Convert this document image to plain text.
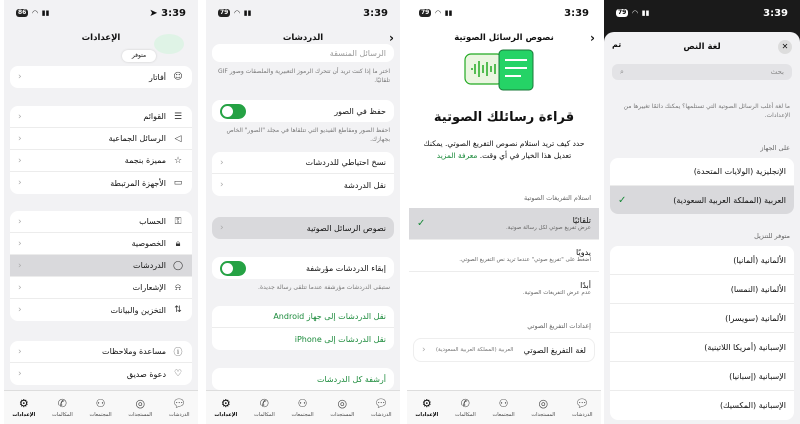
86 ◠ ▮▮	➤ 3:39
الإعدادات
متوفر
☺
أفاتار
›
☰
القوائم
›
◁
الرسائل الجماعية
›
☆
مميزة بنجمة
›
▭
الأجهزة المرتبطة
›
⚿
الحساب
›
🔒︎
الخصوصية
›
◯
الدردشات
›
⍾
الإشعارات
›
⇅
التخزين والبيانات
›
ⓘ
مساعدة وملاحظات
›
♡
دعوة صديق
›
⚙
الإعدادات
✆
المكالمات
⚇
المجتمعات
◎
المستجدات
💬︎
الدردشات
79 ◠ ▮▮	3:39
الدردشات	›
الرسائل المنسقة
اختر ما إذا كنت تريد أن تتحرك الرموز التعبيرية والملصقات وصور GIF تلقائيًا.
حفظ في الصور
احفظ الصور ومقاطع الفيديو التي تتلقاها في مجلد "الصور" الخاص بجهازك.
نسخ احتياطي للدردشات
›
نقل الدردشة
›
نصوص الرسائل الصوتية
›
إبقاء الدردشات مؤرشفة
ستبقى الدردشات مؤرشفة عندما تتلقى رسالة جديدة.
نقل الدردشات إلى جهاز Android
نقل الدردشات إلى iPhone
أرشفة كل الدردشات
⚙
الإعدادات
✆
المكالمات
⚇
المجتمعات
◎
المستجدات
💬︎
الدردشات
79 ◠ ▮▮	3:39
نصوص الرسائل الصوتية	›
قراءة رسائلك الصوتية
حدد كيف تريد استلام نصوص التفريغ الصوتي. يمكنك تعديل هذا الخيار في أي وقت. معرفة المزيد
استلام التفريغات الصوتية
تلقائيًا
عرض تفريغ صوتي لكل رسالة صوتية.
✓
يدويًا
اضغط على "تفريغ صوتي" عندما تريد نص التفريغ الصوتي.
أبدًا
عدم عرض التفريغات الصوتية.
إعدادات التفريغ الصوتي
لغة التفريغ الصوتي
العربية (المملكة العربية السعودية)
›
⚙
الإعدادات
✆
المكالمات
⚇
المجتمعات
◎
المستجدات
💬︎
الدردشات
79 ◠ ▮▮	3:39
لغة النص
تم	✕
⌕	بحث
ما لغة أغلب الرسائل الصوتية التي تستلمها؟ يمكنك دائمًا تغييرها من الإعدادات.
على الجهاز
الإنجليزية (الولايات المتحدة)
العربية (المملكة العربية السعودية)
✓
متوفر للتنزيل
الألمانية (ألمانيا)
الألمانية (النمسا)
الألمانية (سويسرا)
الإسبانية (أمريكا اللاتينية)
الإسبانية (إسبانيا)
الإسبانية (المكسيك)
